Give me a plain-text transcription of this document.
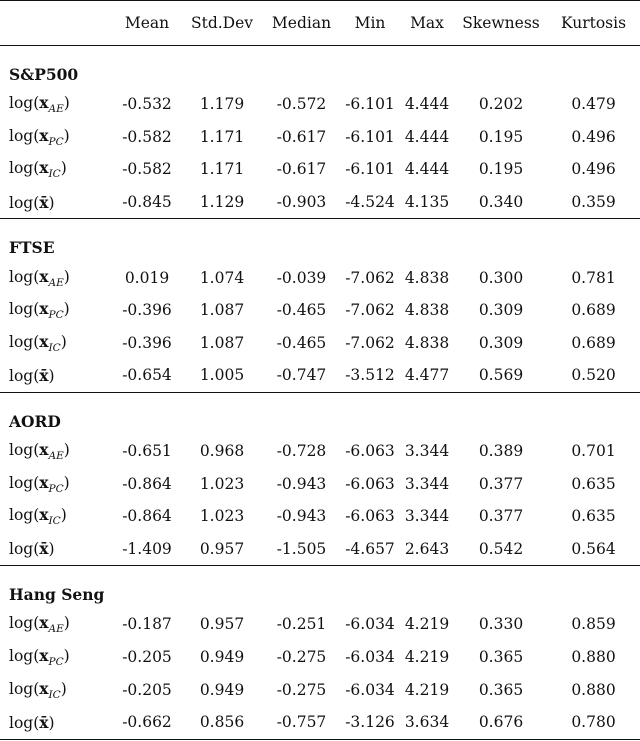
	Mean	Std.Dev	Median	Min	Max	Skewness	Kurtosis
S&P500							
$\log(x_{AE})$	-0.532	1.179	-0.572	-6.101	4.444	0.202	0.479
$\log(x_{PC})$	-0.582	1.171	-0.617	-6.101	4.444	0.195	0.496
$\log(x_{IC})$	-0.582	1.171	-0.617	-6.101	4.444	0.195	0.496
log(x̄)	-0.845	1.129	-0.903	-4.524	4.135	0.340	0.359
FTSE							
$\log(x_{AE})$	0.019	1.074	-0.039	-7.062	4.838	0.300	0.781
$\log(x_{PC})$	-0.396	1.087	-0.465	-7.062	4.838	0.309	0.689
$\log(x_{IC})$	-0.396	1.087	-0.465	-7.062	4.838	0.309	0.689
log(x̄)	-0.654	1.005	-0.747	-3.512	4.477	0.569	0.520
AORD							
$\log(x_{AE})$	-0.651	0.968	-0.728	-6.063	3.344	0.389	0.701
$\log(x_{PC})$	-0.864	1.023	-0.943	-6.063	3.344	0.377	0.635
$\log(x_{IC})$	-0.864	1.023	-0.943	-6.063	3.344	0.377	0.635
log(x̄)	-1.409	0.957	-1.505	-4.657	2.643	0.542	0.564
Hang Seng							
$\log(x_{AE})$	-0.187	0.957	-0.251	-6.034	4.219	0.330	0.859
$\log(x_{PC})$	-0.205	0.949	-0.275	-6.034	4.219	0.365	0.880
$\log(x_{IC})$	-0.205	0.949	-0.275	-6.034	4.219	0.365	0.880
log(x̄)	-0.662	0.856	-0.757	-3.126	3.634	0.676	0.780
